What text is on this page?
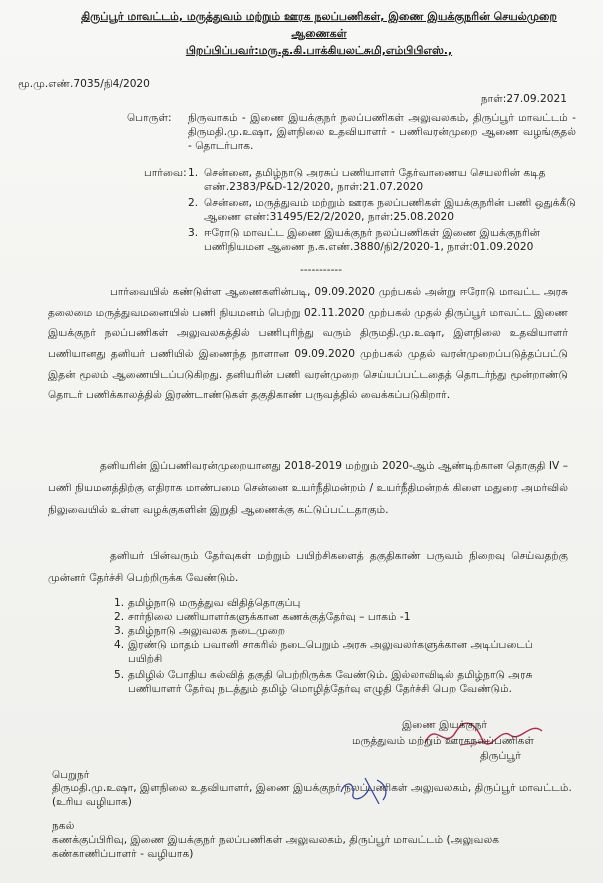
திருப்பூர் மாவட்டம், மருத்துவம் மற்றும் ஊரக நலப்பணிகள், இணை இயக்குநரின் செயல்முறை
ஆணைகள்
பிறப்பிப்பவர்:மரு.த.கி.பாக்கியலட்சுமி,எம்பிபிஎஸ்.,
மூ.மு.எண்.7035/நி4/2020
நாள்:27.09.2021
பொருள்: நிருவாகம் - இணை இயக்குநர் நலப்பணிகள் அலுவலகம், திருப்பூர் மாவட்டம் - திருமதி.மு.உஷா, இளநிலை உதவியாளர் - பணிவரன்முறை ஆணை வழங்குதல் - தொடர்பாக.
பார்வை: 1. சென்னை, தமிழ்நாடு அரசுப் பணியாளர் தேர்வாணைய செயலரின் கடித எண்.2383/P&D-12/2020, நாள்:21.07.2020
2. சென்னை, மருத்துவம் மற்றும் ஊரக நலப்பணிகள் இயக்குநரின் பணி ஒதுக்கீடு ஆணை எண்:31495/E2/2/2020, நாள்:25.08.2020
3. ஈரோடு மாவட்ட இணை இயக்குநர் நலப்பணிகள் இணை இயக்குநரின் பணிநியமன ஆணை ந.க.எண்.3880/நி2/2020-1, நாள்:01.09.2020
-----------
பார்வையில் கண்டுள்ள ஆணைகளின்படி, 09.09.2020 முற்பகல் அன்று ஈரோடு மாவட்ட அரசு தலைமை மருத்துவமனையில் பணி நியமனம் பெற்று 02.11.2020 முற்பகல் முதல் திருப்பூர் மாவட்ட இணை இயக்குநர் நலப்பணிகள் அலுவலகத்தில் பணிபுரிந்து வரும் திருமதி.மு.உஷா, இளநிலை உதவியாளர் பணியானது தனியர் பணியில் இணைந்த நாளான 09.09.2020 முற்பகல் முதல் வரன்முறைப்படுத்தப்பட்டு இதன் மூலம் ஆணையிடப்படுகிறது. தனியரின் பணி வரன்முறை செய்யப்பட்டதைத் தொடர்ந்து மூன்றாண்டு தொடர் பணிக்காலத்தில் இரண்டாண்டுகள் தகுதிகாண் பருவத்தில் வைக்கப்படுகிறார்.
தனியரின் இப்பணிவரன்முறையானது 2018-2019 மற்றும் 2020-ஆம் ஆண்டிற்கான தொகுதி IV – பணி நியமனத்திற்கு எதிராக மாண்பமை சென்னை உயர்நீதிமன்றம் / உயர்நீதிமன்றக் கிளை மதுரை அமர்வில் நிலுவையில் உள்ள வழக்குகளின் இறுதி ஆணைக்கு கட்டுப்பட்டதாகும்.
தனியர் பின்வரும் தேர்வுகள் மற்றும் பயிற்சிகளைத் தகுதிகாண் பருவம் நிறைவு செய்வதற்கு முன்னர் தேர்ச்சி பெற்றிருக்க வேண்டும்.
1. தமிழ்நாடு மருத்துவ விதித்தொகுப்பு
2. சார்நிலை பணியாளர்களுக்கான கணக்குத்தேர்வு – பாகம் -1
3. தமிழ்நாடு அலுவலக நடைமுறை
4. இரண்டு மாதம் பவானி சாகரில் நடைபெறும் அரசு அலுவலர்களுக்கான அடிப்படைப் பயிற்சி
5. தமிழில் போதிய கல்வித் தகுதி பெற்றிருக்க வேண்டும். இல்லாவிடில் தமிழ்நாடு அரசு பணியாளர் தேர்வு நடத்தும் தமிழ் மொழித்தேர்வு எழுதி தேர்ச்சி பெற வேண்டும்.
இணை இயக்குநர்
மருத்துவம் மற்றும் ஊரகநலப்பணிகள்
திருப்பூர்
பெறுநர்
திருமதி.மு.உஷா, இளநிலை உதவியாளர், இணை இயக்குநர் நலப்பணிகள் அலுவலகம், திருப்பூர் மாவட்டம். (உரிய வழியாக)
நகல்
கணக்குப்பிரிவு, இணை இயக்குநர் நலப்பணிகள் அலுவலகம், திருப்பூர் மாவட்டம் (அலுவலக கண்காணிப்பாளர் - வழியாக)
